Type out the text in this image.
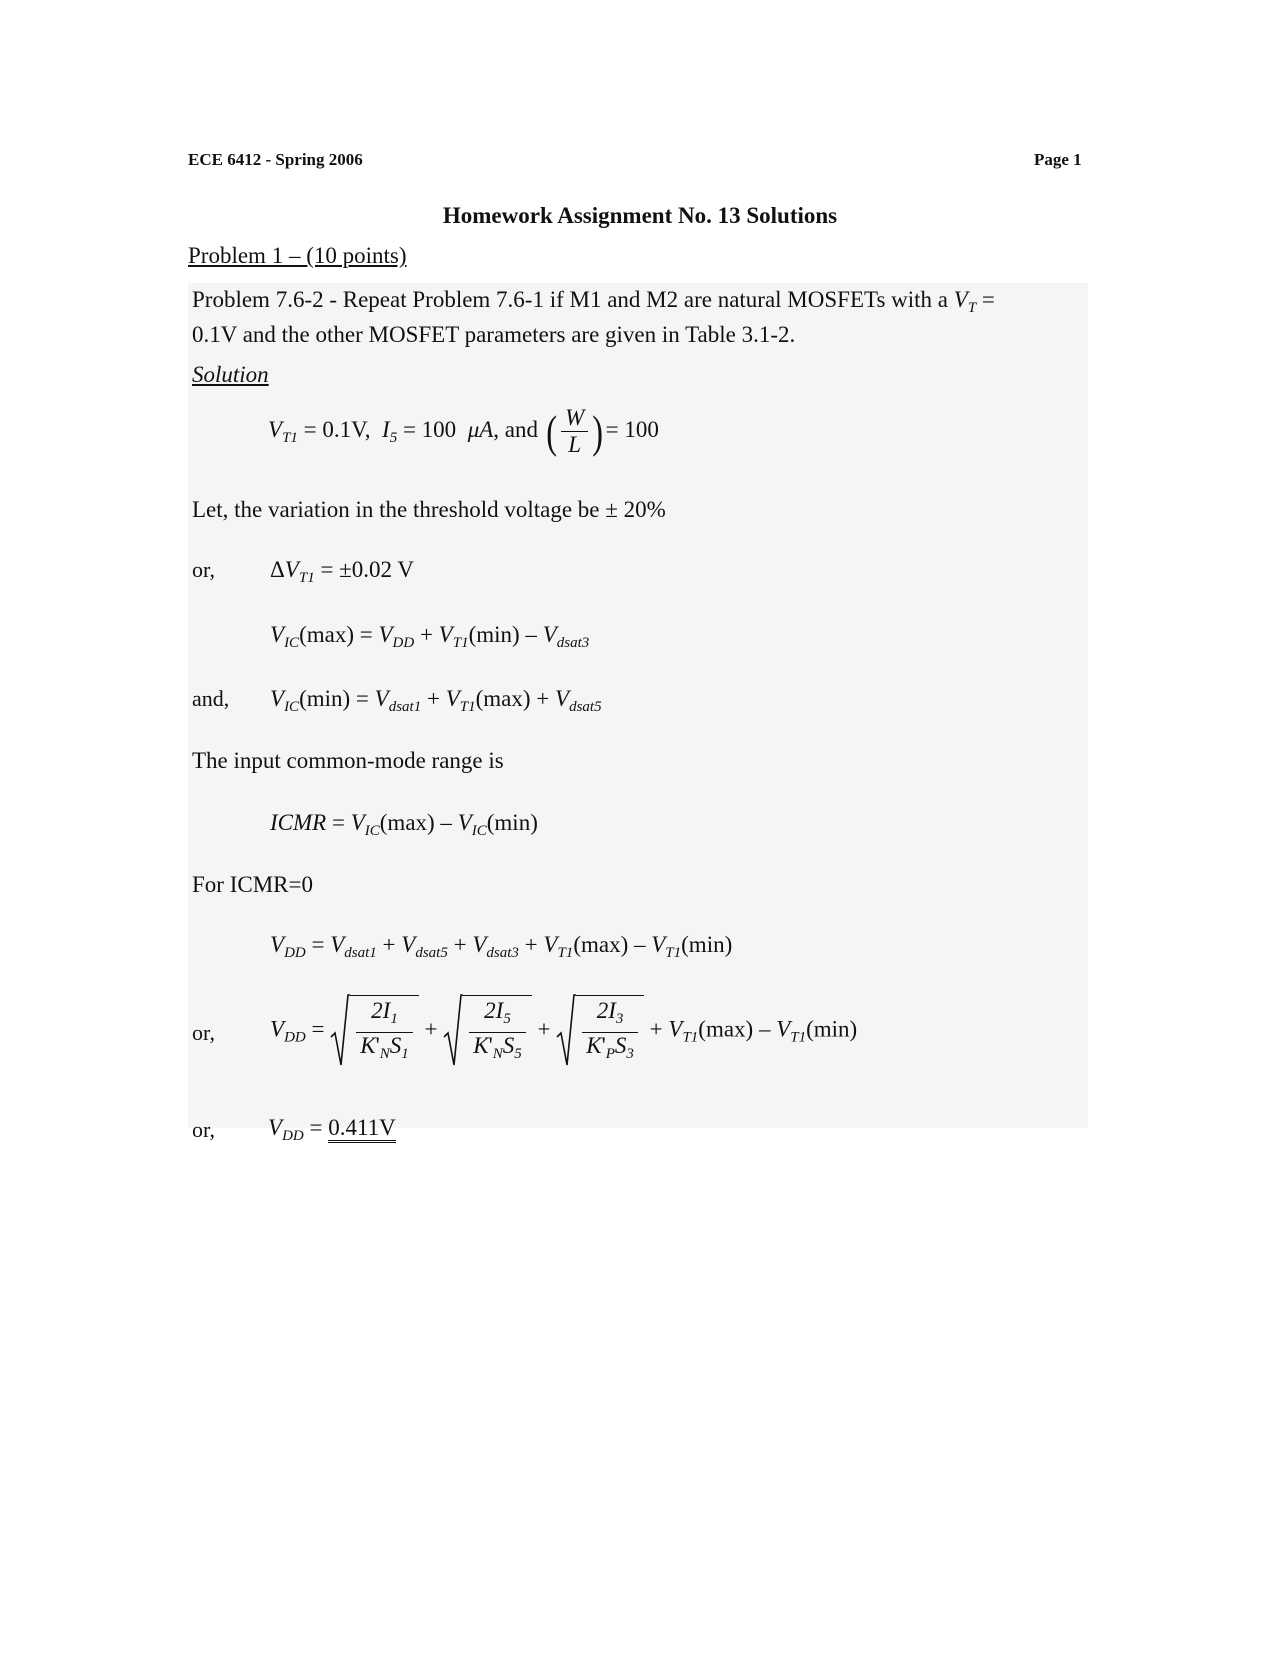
ECE 6412 - Spring 2006	Page 1
Homework Assignment No. 13 Solutions
Problem 1 – (10 points)
Problem 7.6-2 - Repeat Problem 7.6-1 if M1 and M2 are natural MOSFETs with a $V_T$ =
0.1V and the other MOSFET parameters are given in Table 3.1-2.
Solution
$V_{T1} = 0.1V$, $I_5 = 100$ μA, and ( $\frac{W}{L}$ )= 100
Let, the variation in the threshold voltage be ± 20%
or, $\Delta V_{T1} = \pm 0.02$ V
$V_{IC}(\max) = V_{DD} + V_{T1}(\min) - V_{dsat3}$
and, $V_{IC}(\min) = V_{dsat1} + V_{T1}(\max) + V_{dsat5}$
The input common-mode range is
ICMR = $V_{IC}(\max) - V_{IC}(\min)$
For ICMR=0
$V_{DD} = V_{dsat1} + V_{dsat5} + V_{dsat3} + V_{T1}(\max) - V_{T1}(\min)$
or, $V_{DD} = \frac{2I_1}{K'_NS_1} + \frac{2I_5}{K'_NS_5} + \frac{2I_3}{K'_PS_3} + V_{T1}(\max) - V_{T1}(\min)$
or, $V_{DD} = 0.411V$
